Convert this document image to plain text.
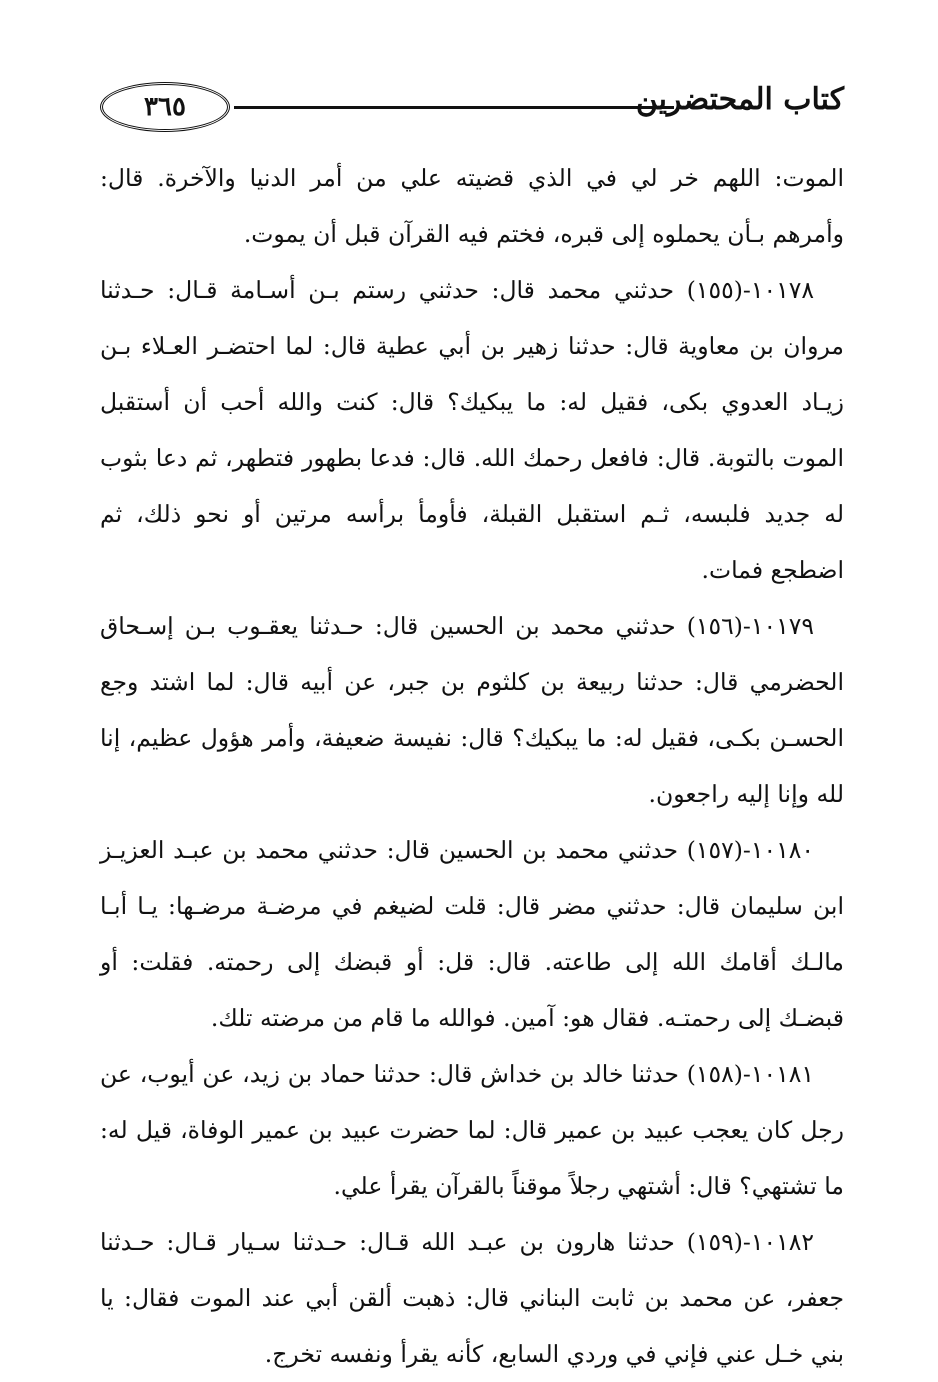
٣٦٥	كتاب المحتضرين

الموت: اللهم خر لي في الذي قضيته علي من أمر الدنيا والآخرة. قال: وأمرهم بـأن يحملوه إلى قبره، فختم فيه القرآن قبل أن يموت.

١٠١٧٨-(١٥٥) حدثني محمد قال: حدثني رستم بـن أسـامة قـال: حـدثنا مروان بن معاوية قال: حدثنا زهير بن أبي عطية قال: لما احتضـر العـلاء بـن زيـاد العدوي بكى، فقيل له: ما يبكيك؟ قال: كنت والله أحب أن أستقبل الموت بالتوبة. قال: فافعل رحمك الله. قال: فدعا بطهور فتطهر، ثم دعا بثوب له جديد فلبسه، ثـم استقبل القبلة، فأومأ برأسه مرتين أو نحو ذلك، ثم اضطجع فمات.

١٠١٧٩-(١٥٦) حدثني محمد بن الحسين قال: حـدثنا يعقـوب بـن إسـحاق الحضرمي قال: حدثنا ربيعة بن كلثوم بن جبر، عن أبيه قال: لما اشتد وجع الحسـن بكـى، فقيل له: ما يبكيك؟ قال: نفيسة ضعيفة، وأمر هؤول عظيم، إنا لله وإنا إليه راجعون.

١٠١٨٠-(١٥٧) حدثني محمد بن الحسين قال: حدثني محمد بن عبـد العزيـز ابن سليمان قال: حدثني مضر قال: قلت لضيغم في مرضـة مرضـها: يـا أبـا مالـك أقامك الله إلى طاعته. قال: قل: أو قبضك إلى رحمته. فقلت: أو قبضـك إلى رحمتـه. فقال هو: آمين. فوالله ما قام من مرضته تلك.

١٠١٨١-(١٥٨) حدثنا خالد بن خداش قال: حدثنا حماد بن زيد، عن أيوب، عن رجل كان يعجب عبيد بن عمير قال: لما حضرت عبيد بن عمير الوفاة، قيل له: ما تشتهي؟ قال: أشتهي رجلاً موقناً بالقرآن يقرأ علي.

١٠١٨٢-(١٥٩) حدثنا هارون بن عبـد الله قـال: حـدثنا سـيار قـال: حـدثنا جعفر، عن محمد بن ثابت البناني قال: ذهبت ألقن أبي عند الموت فقال: يا بني خـل عني فإني في وردي السابع، كأنه يقرأ ونفسه تخرج.
